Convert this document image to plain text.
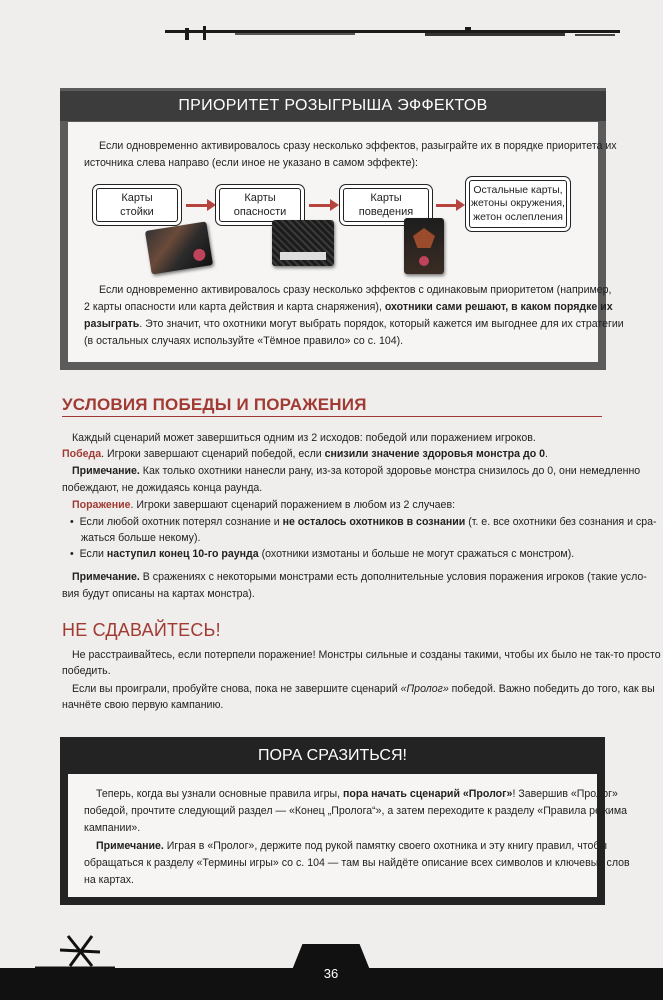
ПРИОРИТЕТ РОЗЫГРЫША ЭФФЕКТОВ
Если одновременно активировалось сразу несколько эффектов, разыграйте их в порядке приоритета их
источника слева направо (если иное не указано в самом эффекте):
Карты
стойки
Карты
опасности
Карты
поведения
Остальные карты,
жетоны окружения,
жетон ослепления
Если одновременно активировалось сразу несколько эффектов с одинаковым приоритетом (например,
2 карты опасности или карта действия и карта снаряжения), охотники сами решают, в каком порядке их
разыграть. Это значит, что охотники могут выбрать порядок, который кажется им выгоднее для их стратегии
(в остальных случаях используйте «Тёмное правило» со с. 104).
УСЛОВИЯ ПОБЕДЫ И ПОРАЖЕНИЯ
Каждый сценарий может завершиться одним из 2 исходов: победой или поражением игроков.
Победа. Игроки завершают сценарий победой, если снизили значение здоровья монстра до 0.
Примечание. Как только охотники нанесли рану, из-за которой здоровье монстра снизилось до 0, они немедленно
побеждают, не дожидаясь конца раунда.
Поражение. Игроки завершают сценарий поражением в любом из 2 случаев:
•  Если любой охотник потерял сознание и не осталось охотников в сознании (т. е. все охотники без сознания и сра-
жаться больше некому).
•  Если наступил конец 10-го раунда (охотники измотаны и больше не могут сражаться с монстром).
Примечание. В сражениях с некоторыми монстрами есть дополнительные условия поражения игроков (такие усло-
вия будут описаны на картах монстра).
НЕ СДАВАЙТЕСЬ!
Не расстраивайтесь, если потерпели поражение! Монстры сильные и созданы такими, чтобы их было не так-то просто
победить.
Если вы проиграли, пробуйте снова, пока не завершите сценарий «Пролог» победой. Важно победить до того, как вы
начнёте свою первую кампанию.
ПОРА СРАЗИТЬСЯ!
Теперь, когда вы узнали основные правила игры, пора начать сценарий «Пролог»! Завершив «Пролог»
победой, прочтите следующий раздел — «Конец „Пролога“», а затем переходите к разделу «Правила режима
кампании».
Примечание. Играя в «Пролог», держите под рукой памятку своего охотника и эту книгу правил, чтобы
обращаться к разделу «Термины игры» со с. 104 — там вы найдёте описание всех символов и ключевых слов
на картах.
36
